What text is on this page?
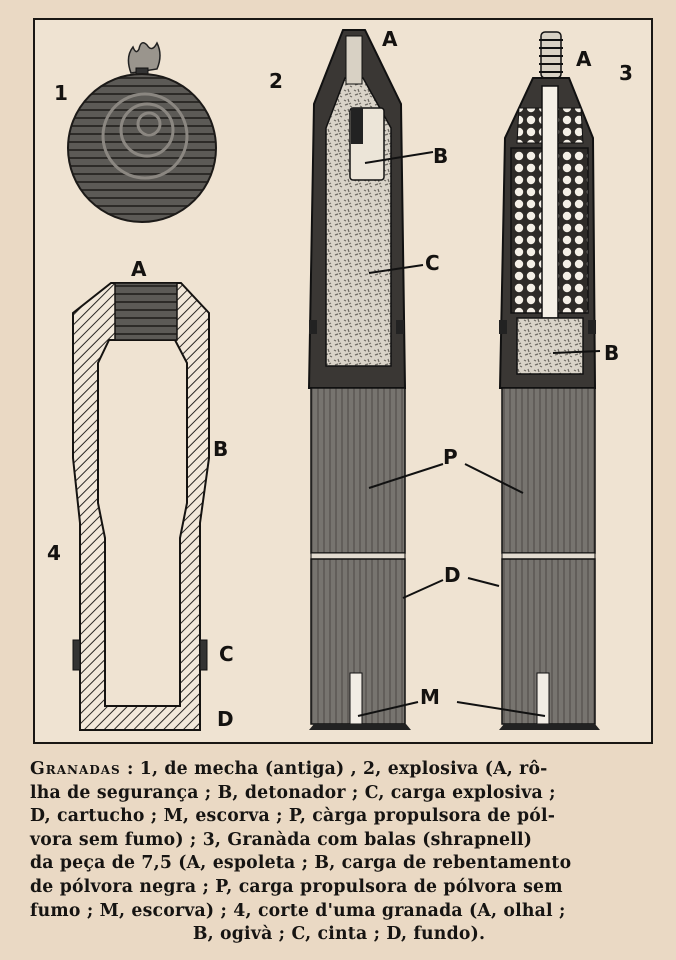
1
A
B
C
D
4
A
B
C
2
A
B
3
P
D
M
Granadas : 1, de mecha (antiga) , 2, explosiva (A, rô-
lha de segurança ; B, detonador ; C, carga explosiva ;
D, cartucho ; M, escorva ; P, càrga propulsora de pól-
vora sem fumo) ; 3, Granàda com balas (shrapnell)
da peça de 7,5 (A, espoleta ; B, carga de rebentamento
de pólvora negra ; P, carga propulsora de pólvora sem
fumo ; M, escorva) ; 4, corte d'uma granada (A, olhal ;
B, ogivà ; C, cinta ; D, fundo).
